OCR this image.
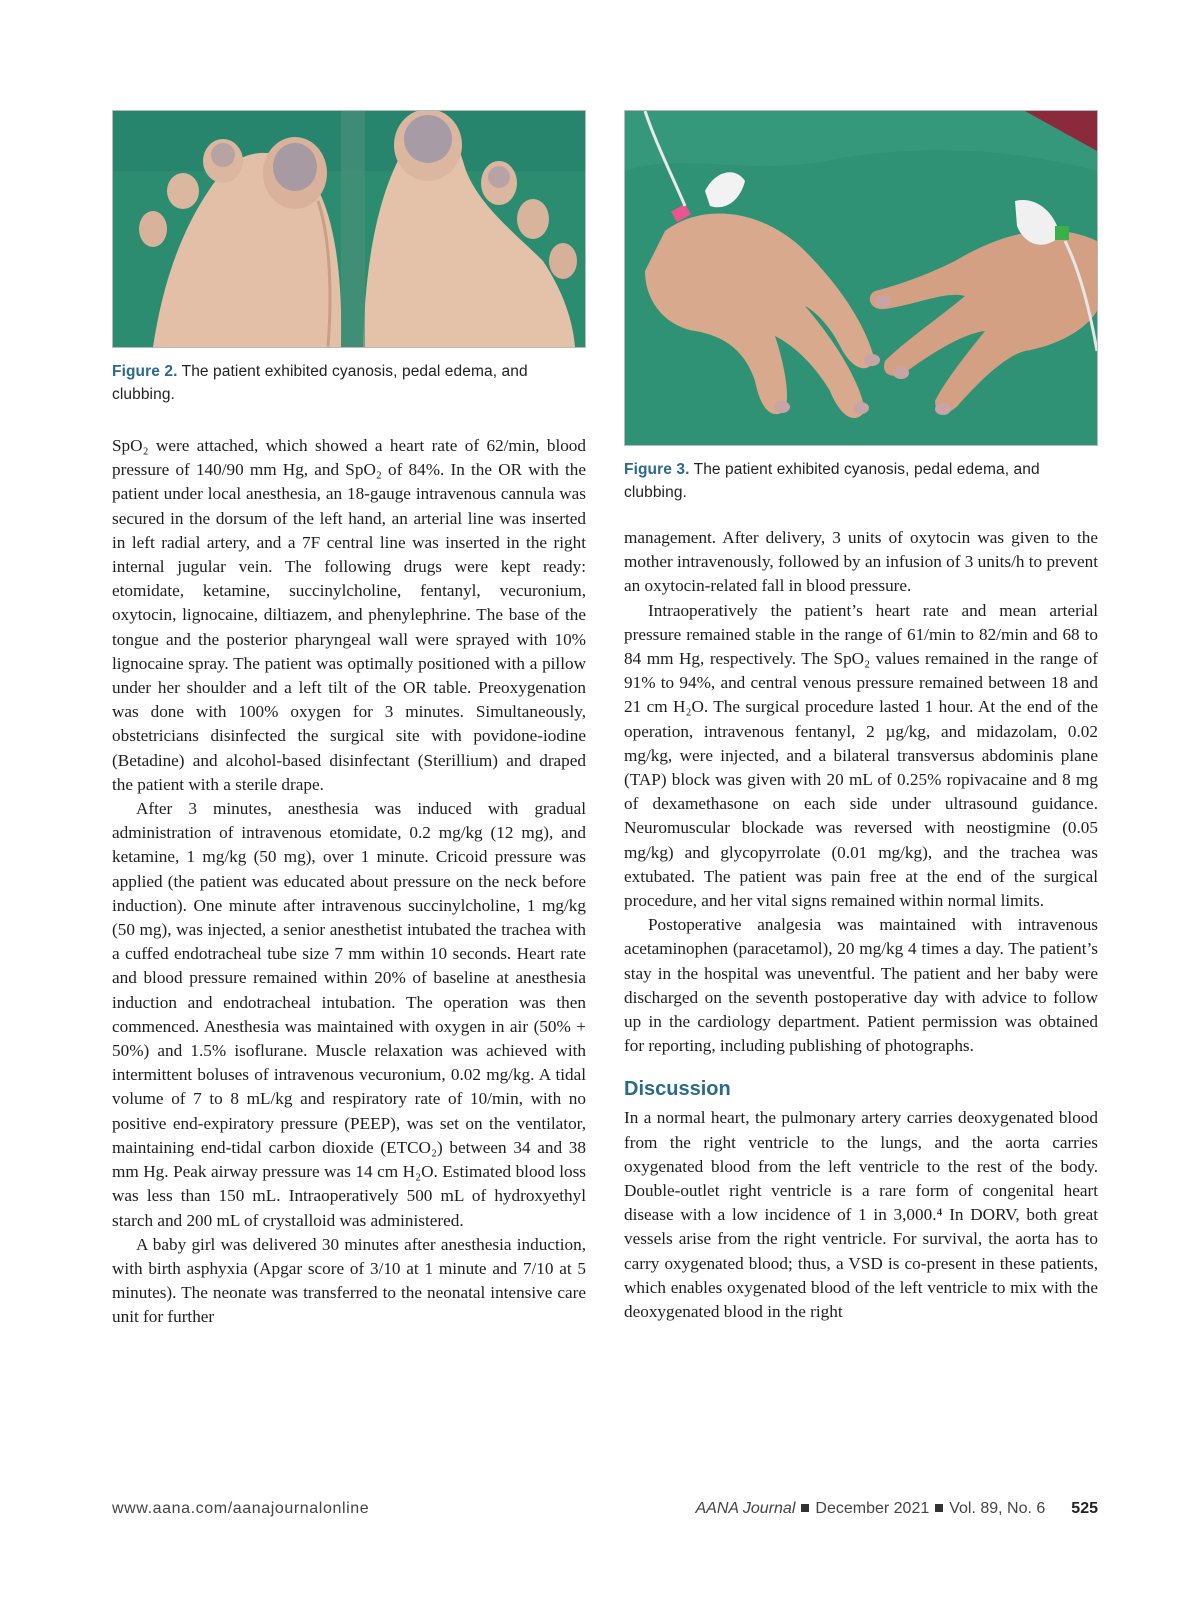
Figure 2. The patient exhibited cyanosis, pedal edema, and clubbing.

SpO₂ were attached, which showed a heart rate of 62/min, blood pressure of 140/90 mm Hg, and SpO₂ of 84%. In the OR with the patient under local anesthesia, an 18-gauge intravenous cannula was secured in the dorsum of the left hand, an arterial line was inserted in left radial artery, and a 7F central line was inserted in the right internal jugular vein. The following drugs were kept ready: etomidate, ketamine, succinylcholine, fentanyl, vecuronium, oxytocin, lignocaine, diltiazem, and phenylephrine. The base of the tongue and the posterior pharyngeal wall were sprayed with 10% lignocaine spray. The patient was optimally positioned with a pillow under her shoulder and a left tilt of the OR table. Preoxygenation was done with 100% oxygen for 3 minutes. Simultaneously, obstetricians disinfected the surgical site with povidone-iodine (Betadine) and alcohol-based disinfectant (Sterillium) and draped the patient with a sterile drape.

After 3 minutes, anesthesia was induced with gradual administration of intravenous etomidate, 0.2 mg/kg (12 mg), and ketamine, 1 mg/kg (50 mg), over 1 minute. Cricoid pressure was applied (the patient was educated about pressure on the neck before induction). One minute after intravenous succinylcholine, 1 mg/kg (50 mg), was injected, a senior anesthetist intubated the trachea with a cuffed endotracheal tube size 7 mm within 10 seconds. Heart rate and blood pressure remained within 20% of baseline at anesthesia induction and endotracheal intubation. The operation was then commenced. Anesthesia was maintained with oxygen in air (50% + 50%) and 1.5% isoflurane. Muscle relaxation was achieved with intermittent boluses of intravenous vecuronium, 0.02 mg/kg. A tidal volume of 7 to 8 mL/kg and respiratory rate of 10/min, with no positive end-expiratory pressure (PEEP), was set on the ventilator, maintaining end-tidal carbon dioxide (ETCO₂) between 34 and 38 mm Hg. Peak airway pressure was 14 cm H₂O. Estimated blood loss was less than 150 mL. Intraoperatively 500 mL of hydroxyethyl starch and 200 mL of crystalloid was administered.

A baby girl was delivered 30 minutes after anesthesia induction, with birth asphyxia (Apgar score of 3/10 at 1 minute and 7/10 at 5 minutes). The neonate was transferred to the neonatal intensive care unit for further

Figure 3. The patient exhibited cyanosis, pedal edema, and clubbing.

management. After delivery, 3 units of oxytocin was given to the mother intravenously, followed by an infusion of 3 units/h to prevent an oxytocin-related fall in blood pressure.

Intraoperatively the patient’s heart rate and mean arterial pressure remained stable in the range of 61/min to 82/min and 68 to 84 mm Hg, respectively. The SpO₂ values remained in the range of 91% to 94%, and central venous pressure remained between 18 and 21 cm H₂O. The surgical procedure lasted 1 hour. At the end of the operation, intravenous fentanyl, 2 µg/kg, and midazolam, 0.02 mg/kg, were injected, and a bilateral transversus abdominis plane (TAP) block was given with 20 mL of 0.25% ropivacaine and 8 mg of dexamethasone on each side under ultrasound guidance. Neuromuscular blockade was reversed with neostigmine (0.05 mg/kg) and glycopyrrolate (0.01 mg/kg), and the trachea was extubated. The patient was pain free at the end of the surgical procedure, and her vital signs remained within normal limits.

Postoperative analgesia was maintained with intravenous acetaminophen (paracetamol), 20 mg/kg 4 times a day. The patient’s stay in the hospital was uneventful. The patient and her baby were discharged on the seventh postoperative day with advice to follow up in the cardiology department. Patient permission was obtained for reporting, including publishing of photographs.

Discussion

In a normal heart, the pulmonary artery carries deoxygenated blood from the right ventricle to the lungs, and the aorta carries oxygenated blood from the left ventricle to the rest of the body. Double-outlet right ventricle is a rare form of congenital heart disease with a low incidence of 1 in 3,000.⁴ In DORV, both great vessels arise from the right ventricle. For survival, the aorta has to carry oxygenated blood; thus, a VSD is co-present in these patients, which enables oxygenated blood of the left ventricle to mix with the deoxygenated blood in the right

www.aana.com/aanajournalonline	AANA Journal December 2021 Vol. 89, No. 6 525
